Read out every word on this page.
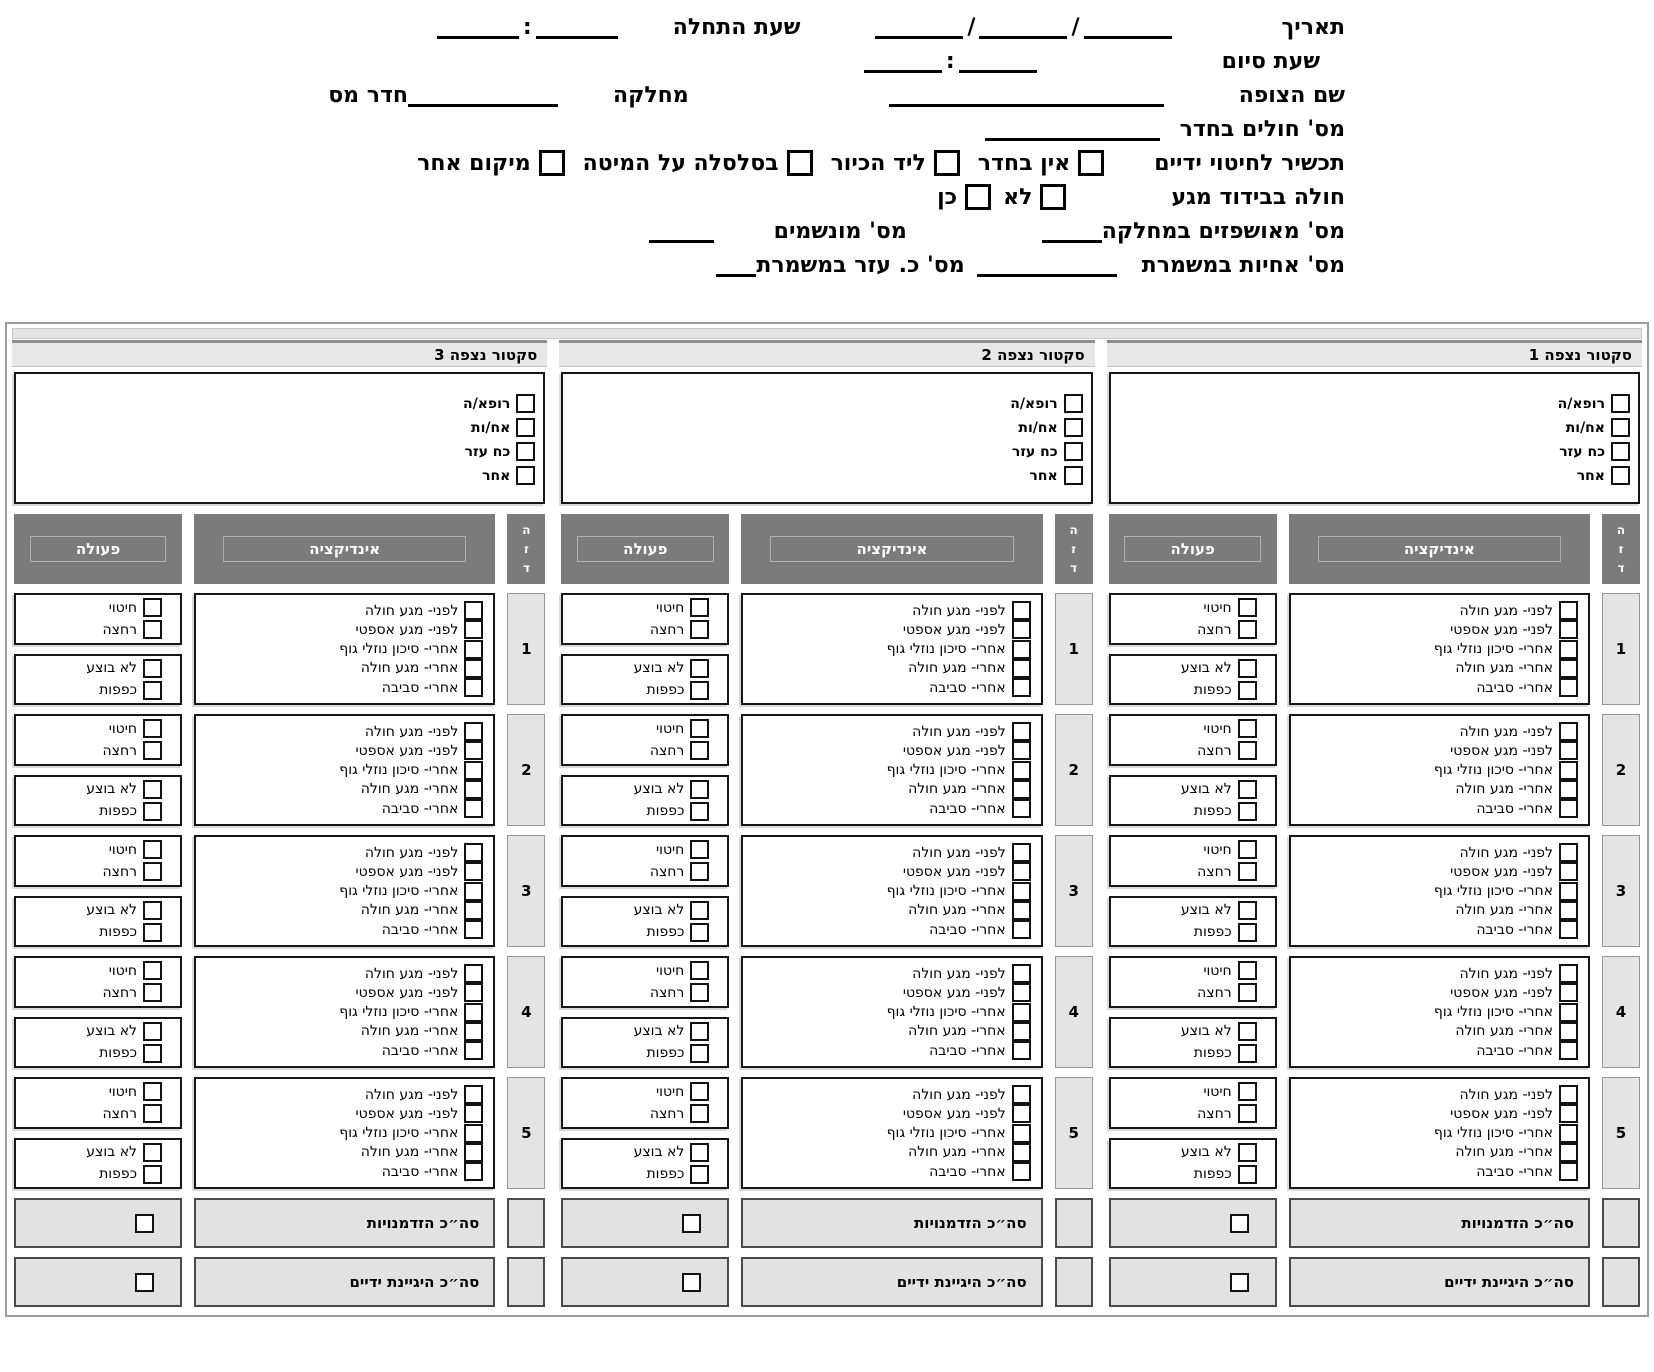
תאריך
/
/
שעת התחלה
:
שעת סיום
:
שם הצופה
מחלקה
חדר מס
מס' חולים בחדר
תכשיר לחיטוי ידיים
אין בחדר
ליד הכיור
בסלסלה על המיטה
מיקום אחר
חולה בבידוד מגע
לא
כן
מס' מאושפזים במחלקה
מס' מונשמים
מס' אחיות במשמרת
מס' כ. עזר במשמרת
סקטור נצפה 1
רופא/ה
אח/ות
כח עזר
אחר
ה
ז
ד
אינדיקציה
פעולה
1
לפני- מגע חולה
לפני- מגע אספטי
אחרי- סיכון נוזלי גוף
אחרי- מגע חולה
אחרי- סביבה
חיטוי
רחצה
לא בוצע
כפפות
2
לפני- מגע חולה
לפני- מגע אספטי
אחרי- סיכון נוזלי גוף
אחרי- מגע חולה
אחרי- סביבה
חיטוי
רחצה
לא בוצע
כפפות
3
לפני- מגע חולה
לפני- מגע אספטי
אחרי- סיכון נוזלי גוף
אחרי- מגע חולה
אחרי- סביבה
חיטוי
רחצה
לא בוצע
כפפות
4
לפני- מגע חולה
לפני- מגע אספטי
אחרי- סיכון נוזלי גוף
אחרי- מגע חולה
אחרי- סביבה
חיטוי
רחצה
לא בוצע
כפפות
5
לפני- מגע חולה
לפני- מגע אספטי
אחרי- סיכון נוזלי גוף
אחרי- מגע חולה
אחרי- סביבה
חיטוי
רחצה
לא בוצע
כפפות
סה״כ הזדמנויות
סה״כ היגיינת ידיים
סקטור נצפה 2
רופא/ה
אח/ות
כח עזר
אחר
ה
ז
ד
אינדיקציה
פעולה
1
לפני- מגע חולה
לפני- מגע אספטי
אחרי- סיכון נוזלי גוף
אחרי- מגע חולה
אחרי- סביבה
חיטוי
רחצה
לא בוצע
כפפות
2
לפני- מגע חולה
לפני- מגע אספטי
אחרי- סיכון נוזלי גוף
אחרי- מגע חולה
אחרי- סביבה
חיטוי
רחצה
לא בוצע
כפפות
3
לפני- מגע חולה
לפני- מגע אספטי
אחרי- סיכון נוזלי גוף
אחרי- מגע חולה
אחרי- סביבה
חיטוי
רחצה
לא בוצע
כפפות
4
לפני- מגע חולה
לפני- מגע אספטי
אחרי- סיכון נוזלי גוף
אחרי- מגע חולה
אחרי- סביבה
חיטוי
רחצה
לא בוצע
כפפות
5
לפני- מגע חולה
לפני- מגע אספטי
אחרי- סיכון נוזלי גוף
אחרי- מגע חולה
אחרי- סביבה
חיטוי
רחצה
לא בוצע
כפפות
סה״כ הזדמנויות
סה״כ היגיינת ידיים
סקטור נצפה 3
רופא/ה
אח/ות
כח עזר
אחר
ה
ז
ד
אינדיקציה
פעולה
1
לפני- מגע חולה
לפני- מגע אספטי
אחרי- סיכון נוזלי גוף
אחרי- מגע חולה
אחרי- סביבה
חיטוי
רחצה
לא בוצע
כפפות
2
לפני- מגע חולה
לפני- מגע אספטי
אחרי- סיכון נוזלי גוף
אחרי- מגע חולה
אחרי- סביבה
חיטוי
רחצה
לא בוצע
כפפות
3
לפני- מגע חולה
לפני- מגע אספטי
אחרי- סיכון נוזלי גוף
אחרי- מגע חולה
אחרי- סביבה
חיטוי
רחצה
לא בוצע
כפפות
4
לפני- מגע חולה
לפני- מגע אספטי
אחרי- סיכון נוזלי גוף
אחרי- מגע חולה
אחרי- סביבה
חיטוי
רחצה
לא בוצע
כפפות
5
לפני- מגע חולה
לפני- מגע אספטי
אחרי- סיכון נוזלי גוף
אחרי- מגע חולה
אחרי- סביבה
חיטוי
רחצה
לא בוצע
כפפות
סה״כ הזדמנויות
סה״כ היגיינת ידיים
